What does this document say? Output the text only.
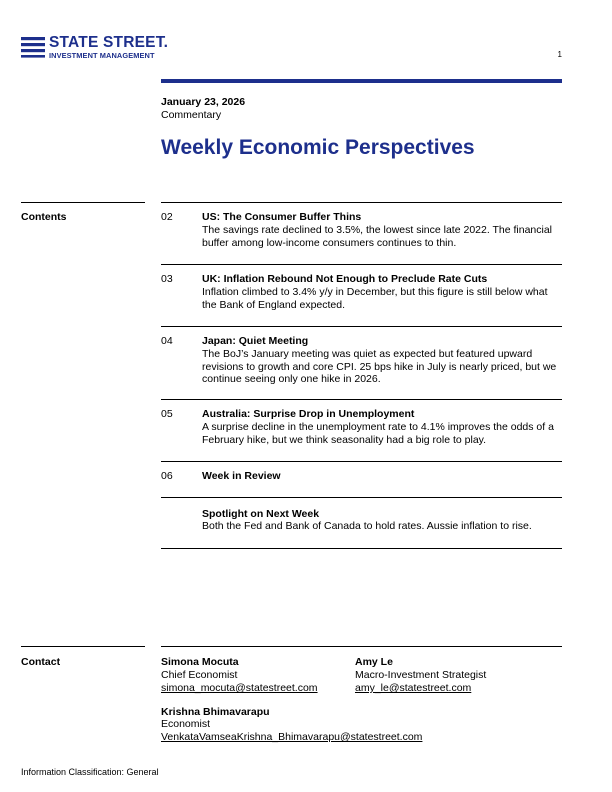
STATE STREET.
INVESTMENT MANAGEMENT	1
January 23, 2026
Commentary
Weekly Economic Perspectives
Contents	02	US: The Consumer Buffer Thins
The savings rate declined to 3.5%, the lowest since late 2022. The financial buffer among low-income consumers continues to thin.
03	UK: Inflation Rebound Not Enough to Preclude Rate Cuts
Inflation climbed to 3.4% y/y in December, but this figure is still below what the Bank of England expected.
04	Japan: Quiet Meeting
The BoJ’s January meeting was quiet as expected but featured upward revisions to growth and core CPI. 25 bps hike in July is nearly priced, but we continue seeing only one hike in 2026.
05	Australia: Surprise Drop in Unemployment
A surprise decline in the unemployment rate to 4.1% improves the odds of a February hike, but we think seasonality had a big role to play.
06	Week in Review
Spotlight on Next Week
Both the Fed and Bank of Canada to hold rates. Aussie inflation to rise.
Contact	Simona Mocuta
Chief Economist
simona_mocuta@statestreet.com
Amy Le
Macro-Investment Strategist
amy_le@statestreet.com
Krishna Bhimavarapu
Economist
VenkataVamseaKrishna_Bhimavarapu@statestreet.com
Information Classification: General
